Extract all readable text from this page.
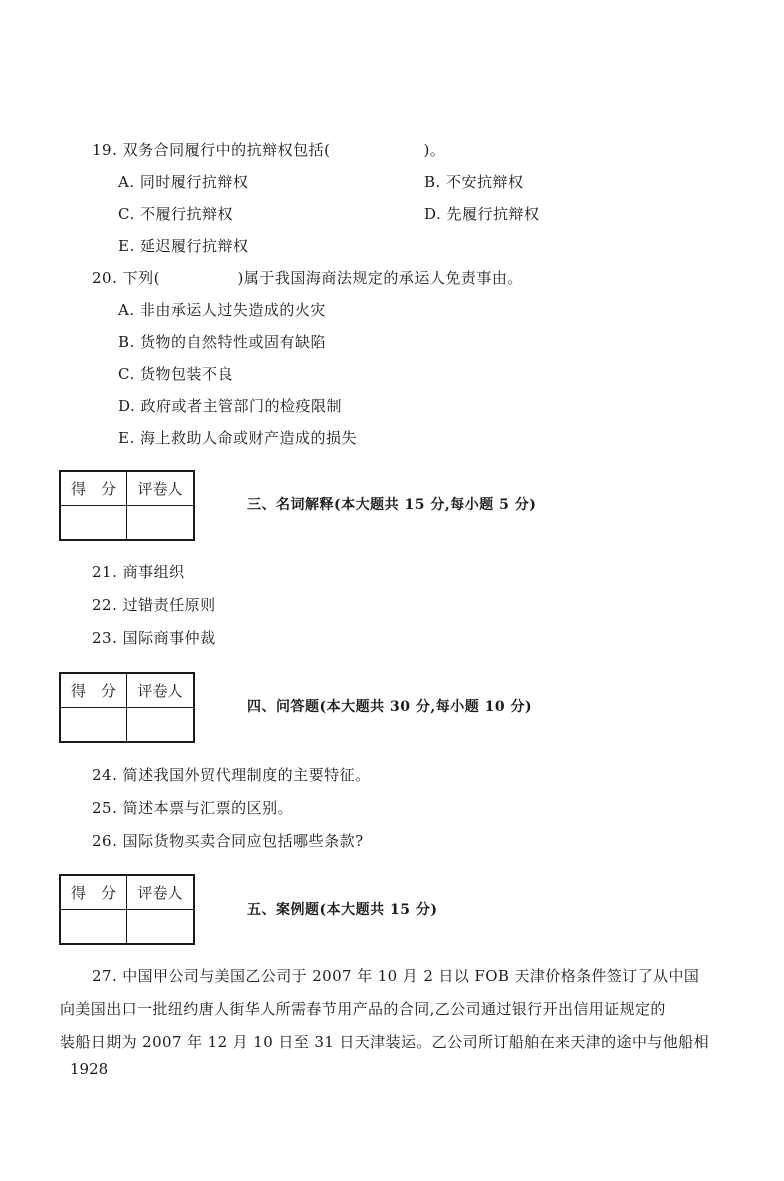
19. 双务合同履行中的抗辩权包括(　　　　　　)。
A. 同时履行抗辩权	B. 不安抗辩权
C. 不履行抗辩权	D. 先履行抗辩权
E. 延迟履行抗辩权
20. 下列(　　　　　)属于我国海商法规定的承运人免责事由。
A. 非由承运人过失造成的火灾
B. 货物的自然特性或固有缺陷
C. 货物包装不良
D. 政府或者主管部门的检疫限制
E. 海上救助人命或财产造成的损失
得　分	评卷人

三、名词解释(本大题共 15 分,每小题 5 分)
21. 商事组织
22. 过错责任原则
23. 国际商事仲裁
得　分	评卷人

四、问答题(本大题共 30 分,每小题 10 分)
24. 简述我国外贸代理制度的主要特征。
25. 简述本票与汇票的区别。
26. 国际货物买卖合同应包括哪些条款?
得　分	评卷人

五、案例题(本大题共 15 分)
27. 中国甲公司与美国乙公司于 2007 年 10 月 2 日以 FOB 天津价格条件签订了从中国
向美国出口一批纽约唐人街华人所需春节用产品的合同,乙公司通过银行开出信用证规定的
装船日期为 2007 年 12 月 10 日至 31 日天津装运。乙公司所订船舶在来天津的途中与他船相
1928
